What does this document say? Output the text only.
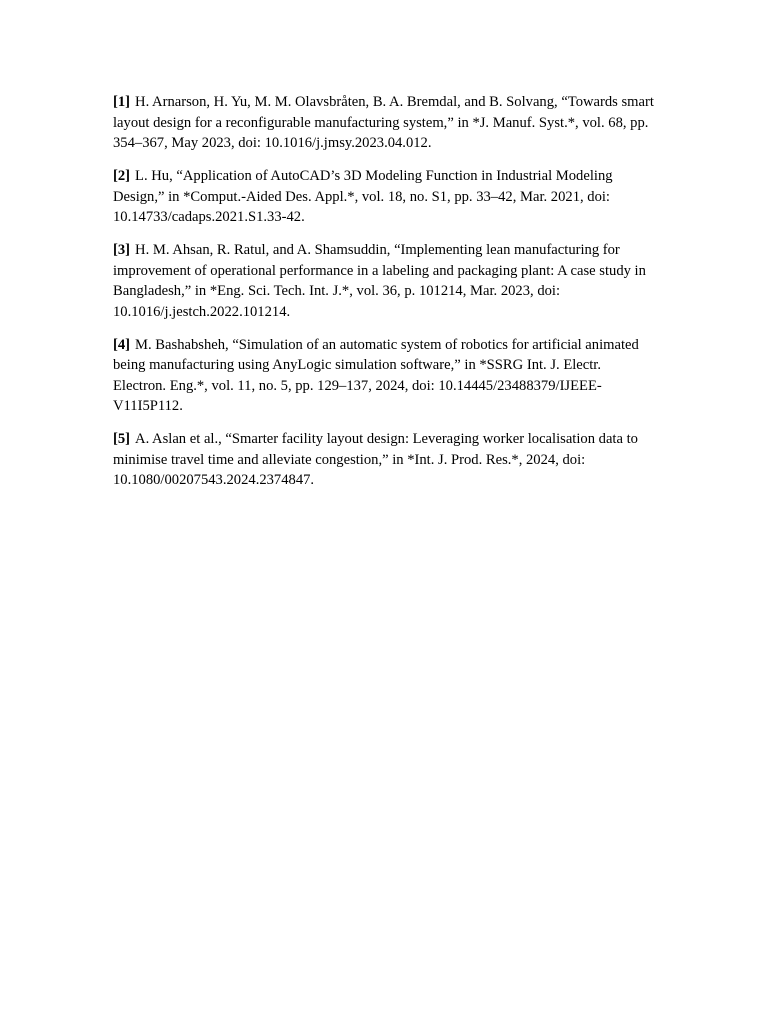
[1] H. Arnarson, H. Yu, M. M. Olavsbråten, B. A. Bremdal, and B. Solvang, “Towards smart layout design for a reconfigurable manufacturing system,” in *J. Manuf. Syst.*, vol. 68, pp. 354–367, May 2023, doi: 10.1016/j.jmsy.2023.04.012.

[2] L. Hu, “Application of AutoCAD’s 3D Modeling Function in Industrial Modeling Design,” in *Comput.-Aided Des. Appl.*, vol. 18, no. S1, pp. 33–42, Mar. 2021, doi: 10.14733/cadaps.2021.S1.33-42.

[3] H. M. Ahsan, R. Ratul, and A. Shamsuddin, “Implementing lean manufacturing for improvement of operational performance in a labeling and packaging plant: A case study in Bangladesh,” in *Eng. Sci. Tech. Int. J.*, vol. 36, p. 101214, Mar. 2023, doi: 10.1016/j.jestch.2022.101214.

[4] M. Bashabsheh, “Simulation of an automatic system of robotics for artificial animated being manufacturing using AnyLogic simulation software,” in *SSRG Int. J. Electr. Electron. Eng.*, vol. 11, no. 5, pp. 129–137, 2024, doi: 10.14445/23488379/IJEEE-V11I5P112.

[5] A. Aslan et al., “Smarter facility layout design: Leveraging worker localisation data to minimise travel time and alleviate congestion,” in *Int. J. Prod. Res.*, 2024, doi: 10.1080/00207543.2024.2374847.
